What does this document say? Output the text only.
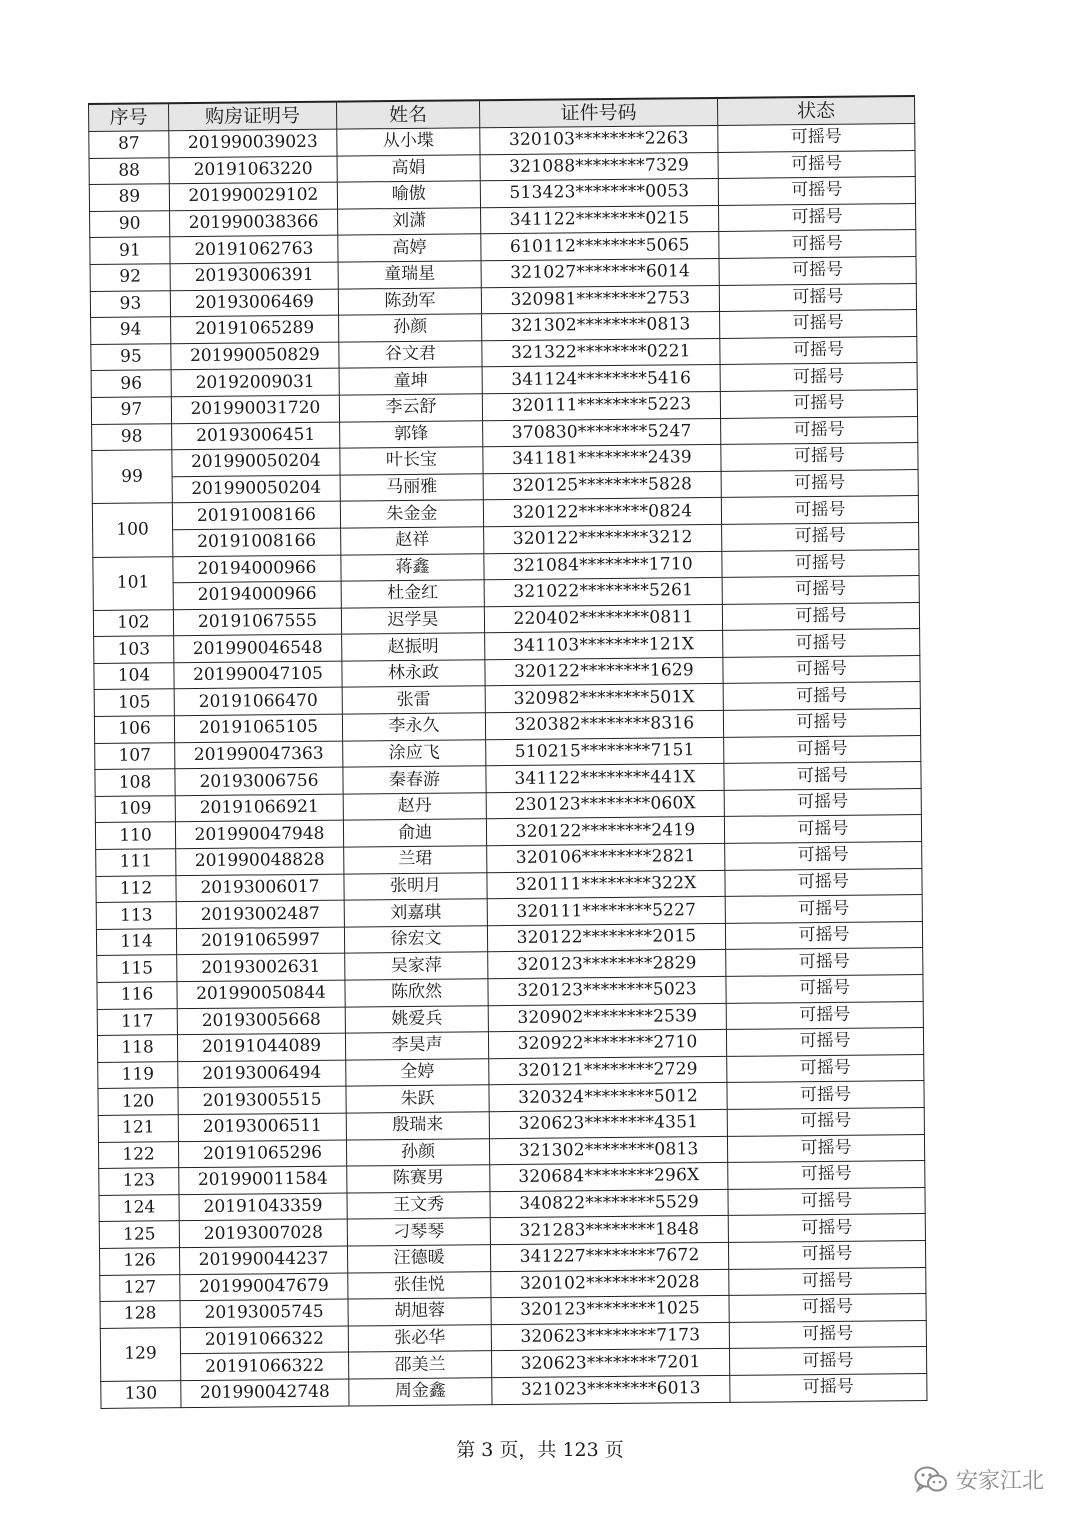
序号	购房证明号	姓名	证件号码	状态
87	201990039023	从小堞	320103********2263	可摇号
88	20191063220	高娟	321088********7329	可摇号
89	201990029102	喻傲	513423********0053	可摇号
90	201990038366	刘潇	341122********0215	可摇号
91	20191062763	高婷	610112********5065	可摇号
92	20193006391	童瑞星	321027********6014	可摇号
93	20193006469	陈劲军	320981********2753	可摇号
94	20191065289	孙颜	321302********0813	可摇号
95	201990050829	谷文君	321322********0221	可摇号
96	20192009031	童坤	341124********5416	可摇号
97	201990031720	李云舒	320111********5223	可摇号
98	20193006451	郭锋	370830********5247	可摇号
99	201990050204	叶长宝	341181********2439	可摇号
	201990050204	马丽雅	320125********5828	可摇号
100	20191008166	朱金金	320122********0824	可摇号
	20191008166	赵祥	320122********3212	可摇号
101	20194000966	蒋鑫	321084********1710	可摇号
	20194000966	杜金红	321022********5261	可摇号
102	20191067555	迟学昊	220402********0811	可摇号
103	201990046548	赵振明	341103********121X	可摇号
104	201990047105	林永政	320122********1629	可摇号
105	20191066470	张雷	320982********501X	可摇号
106	20191065105	李永久	320382********8316	可摇号
107	201990047363	涂应飞	510215********7151	可摇号
108	20193006756	秦春游	341122********441X	可摇号
109	20191066921	赵丹	230123********060X	可摇号
110	201990047948	俞迪	320122********2419	可摇号
111	201990048828	兰珺	320106********2821	可摇号
112	20193006017	张明月	320111********322X	可摇号
113	20193002487	刘嘉琪	320111********5227	可摇号
114	20191065997	徐宏文	320122********2015	可摇号
115	20193002631	吴家萍	320123********2829	可摇号
116	201990050844	陈欣然	320123********5023	可摇号
117	20193005668	姚爱兵	320902********2539	可摇号
118	20191044089	李昊声	320922********2710	可摇号
119	20193006494	全婷	320121********2729	可摇号
120	20193005515	朱跃	320324********5012	可摇号
121	20193006511	殷瑞来	320623********4351	可摇号
122	20191065296	孙颜	321302********0813	可摇号
123	201990011584	陈赛男	320684********296X	可摇号
124	20191043359	王文秀	340822********5529	可摇号
125	20193007028	刁琴琴	321283********1848	可摇号
126	201990044237	汪德暖	341227********7672	可摇号
127	201990047679	张佳悦	320102********2028	可摇号
128	20193005745	胡旭蓉	320123********1025	可摇号
129	20191066322	张必华	320623********7173	可摇号
	20191066322	邵美兰	320623********7201	可摇号
130	201990042748	周金鑫	321023********6013	可摇号
第 3 页，共 123 页
安家江北
